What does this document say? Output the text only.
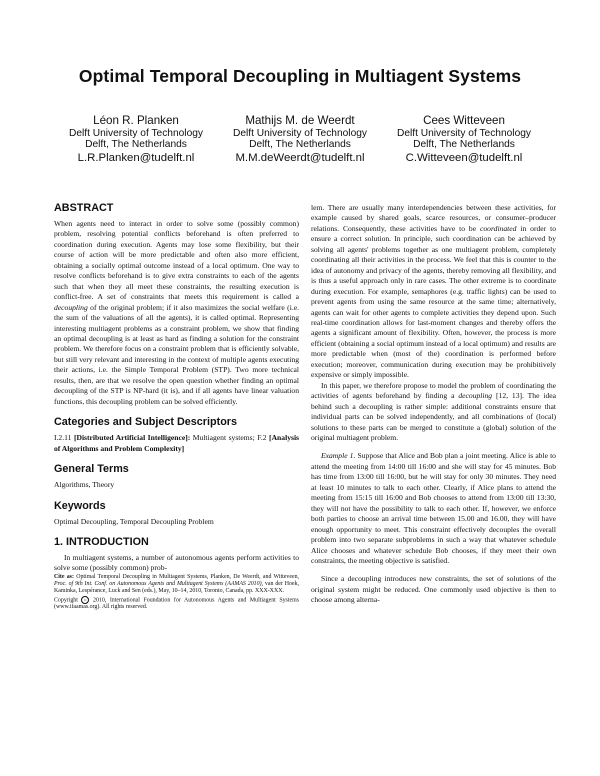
Optimal Temporal Decoupling in Multiagent Systems
Léon R. Planken
Delft University of Technology
Delft, The Netherlands
L.R.Planken@tudelft.nl
Mathijs M. de Weerdt
Delft University of Technology
Delft, The Netherlands
M.M.deWeerdt@tudelft.nl
Cees Witteveen
Delft University of Technology
Delft, The Netherlands
C.Witteveen@tudelft.nl
ABSTRACT

When agents need to interact in order to solve some (possibly common) problem, resolving potential conflicts beforehand is often preferred to coordination during execution. Agents may lose some flexibility, but their course of action will be more predictable and often also more efficient, obtaining a socially optimal outcome instead of a local optimum. One way to resolve conflicts beforehand is to give extra constraints to each of the agents such that when they all meet these constraints, the resulting execution is conflict-free. A set of constraints that meets this requirement is called a decoupling of the original problem; if it also maximizes the social welfare (i.e. the sum of the valuations of all the agents), it is called optimal. Representing interesting multiagent problems as a constraint problem, we show that finding an optimal decoupling is at least as hard as finding a solution for the constraint problem. We therefore focus on a constraint problem that is efficiently solvable, but still very relevant and interesting in the context of multiple agents executing their actions, i.e. the Simple Temporal Problem (STP). Two more technical results, then, are that we resolve the open question whether finding an optimal decoupling of the STP is NP-hard (it is), and if all agents have linear valuation functions, this decoupling problem can be solved efficiently.

Categories and Subject Descriptors
I.2.11 [Distributed Artificial Intelligence]: Multiagent systems; F.2 [Analysis of Algorithms and Problem Complexity]
General Terms

Algorithms, Theory

Keywords

Optimal Decoupling, Temporal Decoupling Problem

1. INTRODUCTION

In multiagent systems, a number of autonomous agents perform activities to solve some (possibly common) prob-

Cite as: Optimal Temporal Decoupling in Multiagent Systems, Planken, De Weerdt, and Witteveen, Proc. of 9th Int. Conf. on Autonomous Agents and Multiagent Systems (AAMAS 2010), van der Hoek, Kaminka, Lespérance, Luck and Sen (eds.), May, 10–14, 2010, Toronto, Canada, pp. XXX-XXX.
Copyright c 2010, International Foundation for Autonomous Agents and Multiagent Systems (www.ifaamas.org). All rights reserved.

lem. There are usually many interdependencies between these activities, for example caused by shared goals, scarce resources, or consumer–producer relations. Consequently, these activities have to be coordinated in order to ensure a correct solution. In principle, such coordination can be achieved by solving all agents' problems together as one multiagent problem, completely coordinating all their activities in the process. We feel that this is counter to the idea of autonomy and privacy of the agents, thereby removing all flexibility, and is thus a useful approach only in rare cases. The other extreme is to coordinate during execution. For example, semaphores (e.g. traffic lights) can be used to prevent agents from using the same resource at the same time; alternatively, agents can wait for other agents to complete activities they depend upon. Such real-time coordination allows for last-moment changes and thereby offers the agents a significant amount of flexibility. Often, however, the process is more efficient (obtaining a social optimum instead of a local optimum) and results are more predictable when (most of the) coordination is performed before execution; moreover, communication during execution may be prohibitively expensive or simply impossible.

In this paper, we therefore propose to model the problem of coordinating the activities of agents beforehand by finding a decoupling [12, 13]. The idea behind such a decoupling is rather simple: additional constraints ensure that individual parts can be solved independently, and all combinations of (local) solutions to these parts can be merged to constitute a (global) solution of the original multiagent problem.

Example 1. Suppose that Alice and Bob plan a joint meeting. Alice is able to attend the meeting from 14:00 till 16:00 and she will stay for 45 minutes. Bob has time from 13:00 till 16:00, but he will stay for only 30 minutes. They need at least 10 minutes to talk to each other. Clearly, if Alice plans to attend the meeting from 15:15 till 16:00 and Bob chooses to attend from 13:00 till 13:30, they will not have the possibility to talk to each other. If, however, we enforce both parties to choose an arrival time between 15.00 and 16.00, they will have enough opportunity to meet. This constraint effectively decouples the overall problem into two separate subproblems in such a way that whatever schedule Alice chooses and whatever schedule Bob chooses, if they meet their own constraints, the meeting objective is satisfied.

Since a decoupling introduces new constraints, the set of solutions of the original system might be reduced. One commonly used objective is then to choose among alterna-
